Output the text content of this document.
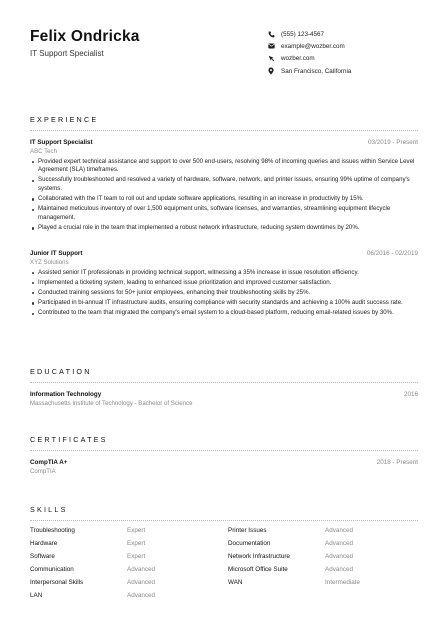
Felix Ondricka
IT Support Specialist
(555) 123-4567
example@wozber.com
wozber.com
San Francisco, California
EXPERIENCE
IT Support Specialist	03/2019 - Present
ABC Tech
Provided expert technical assistance and support to over 500 end-users, resolving 98% of incoming queries and issues within Service Level Agreement (SLA) timeframes.
Successfully troubleshooted and resolved a variety of hardware, software, network, and printer issues, ensuring 99% uptime of company's systems.
Collaborated with the IT team to roll out and update software applications, resulting in an increase in productivity by 15%.
Maintained meticulous inventory of over 1,500 equipment units, software licenses, and warranties, streamlining equipment lifecycle management.
Played a crucial role in the team that implemented a robust network infrastructure, reducing system downtimes by 20%.
Junior IT Support	06/2016 - 02/2019
XYZ Solutions
Assisted senior IT professionals in providing technical support, witnessing a 35% increase in issue resolution efficiency.
Implemented a ticketing system, leading to enhanced issue prioritization and improved customer satisfaction.
Conducted training sessions for 50+ junior employees, enhancing their troubleshooting skills by 25%.
Participated in bi-annual IT infrastructure audits, ensuring compliance with security standards and achieving a 100% audit success rate.
Contributed to the team that migrated the company's email system to a cloud-based platform, reducing email-related issues by 30%.
EDUCATION
Information Technology	2016
Massachusetts Institute of Technology - Bachelor of Science
CERTIFICATES
CompTIA A+	2018 - Present
CompTIA
SKILLS
Troubleshooting	Expert	Printer Issues	Advanced
Hardware	Expert	Documentation	Advanced
Software	Expert	Network Infrastructure	Advanced
Communication	Advanced	Microsoft Office Suite	Advanced
Interpersonal Skills	Advanced	WAN	Intermediate
LAN	Advanced
